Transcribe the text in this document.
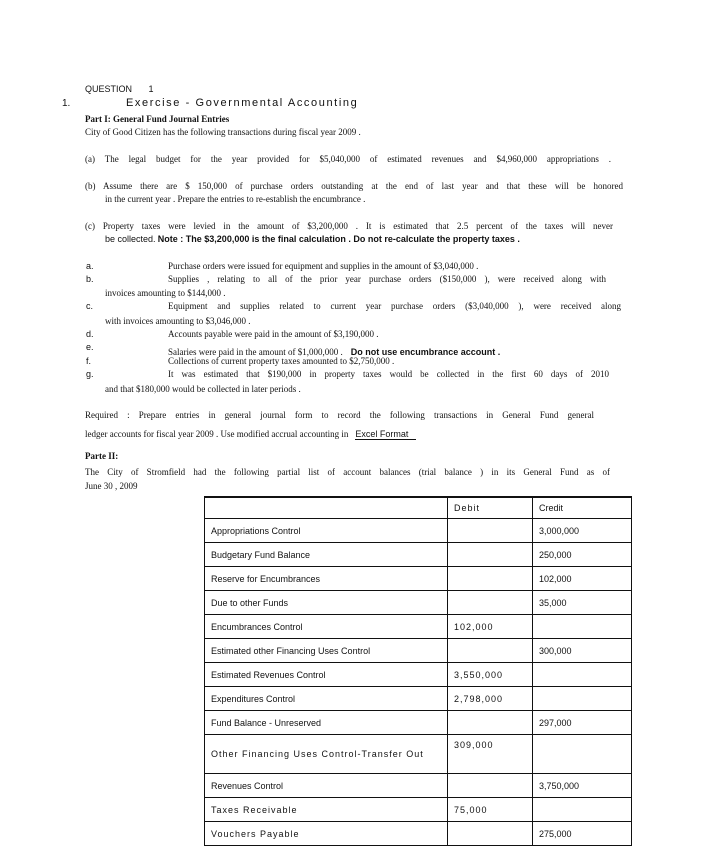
QUESTION 1
1.	Exercise - Governmental Accounting
Part I: General Fund Journal Entries
City of Good Citizen has the following transactions during fiscal year 2009 .
(a) The legal budget for the year provided for $5,040,000 of estimated revenues and $4,960,000 appropriations .
(b) Assume there are $ 150,000 of purchase orders outstanding at the end of last year and that these will be honored
in the current year . Prepare the entries to re-establish the encumbrance .
(c) Property taxes were levied in the amount of $3,200,000 . It is estimated that 2.5 percent of the taxes will never
be collected. Note : The $3,200,000 is the final calculation . Do not re-calculate the property taxes .
a.	Purchase orders were issued for equipment and supplies in the amount of $3,040,000 .
b.	Supplies , relating to all of the prior year purchase orders ($150,000 ), were received along with
invoices amounting to $144,000 .
c.	Equipment and supplies related to current year purchase orders ($3,040,000 ), were received along
with invoices amounting to $3,046,000 .
d.	Accounts payable were paid in the amount of $3,190,000 .
e.	Salaries were paid in the amount of $1,000,000 . Do not use encumbrance account .
f.	Collections of current property taxes amounted to $2,750,000 .
g.	It was estimated that $190,000 in property taxes would be collected in the first 60 days of 2010
and that $180,000 would be collected in later periods .
Required : Prepare entries in general journal form to record the following transactions in General Fund general
ledger accounts for fiscal year 2009 . Use modified accrual accounting in Excel Format
Parte II:
The City of Stromfield had the following partial list of account balances (trial balance ) in its General Fund as of
June 30 , 2009
	Debit	Credit
Appropriations Control		3,000,000
Budgetary Fund Balance		250,000
Reserve for Encumbrances		102,000
Due to other Funds		35,000
Encumbrances Control	102,000	
Estimated other Financing Uses Control		300,000
Estimated Revenues Control	3,550,000	
Expenditures Control	2,798,000	
Fund Balance - Unreserved		297,000
Other Financing Uses Control-Transfer Out	309,000	
Revenues Control		3,750,000
Taxes Receivable	75,000	
Vouchers Payable		275,000
